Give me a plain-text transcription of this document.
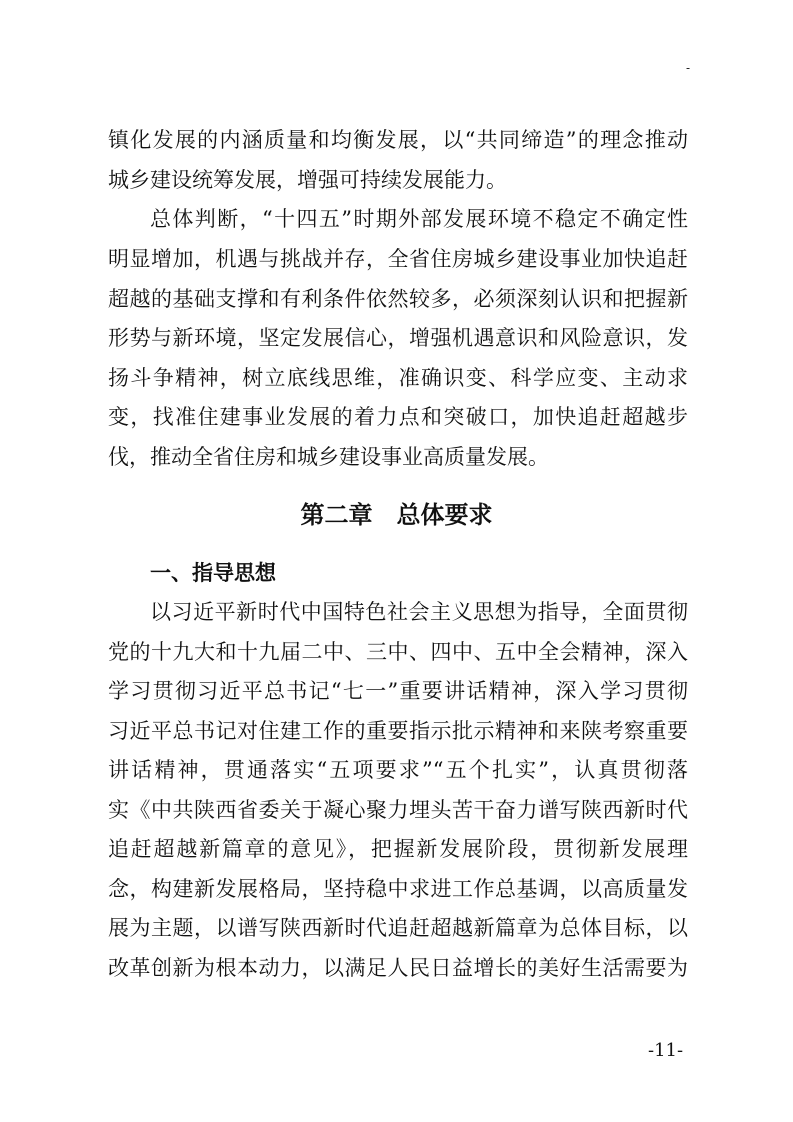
-
镇化发展的内涵质量和均衡发展，以“共同缔造”的理念推动
城乡建设统筹发展，增强可持续发展能力。
总体判断，“十四五”时期外部发展环境不稳定不确定性
明显增加，机遇与挑战并存，全省住房城乡建设事业加快追赶
超越的基础支撑和有利条件依然较多，必须深刻认识和把握新
形势与新环境，坚定发展信心，增强机遇意识和风险意识，发
扬斗争精神，树立底线思维，准确识变、科学应变、主动求
变，找准住建事业发展的着力点和突破口，加快追赶超越步
伐，推动全省住房和城乡建设事业高质量发展。
第二章　总体要求
一、指导思想
以习近平新时代中国特色社会主义思想为指导，全面贯彻
党的十九大和十九届二中、三中、四中、五中全会精神，深入
学习贯彻习近平总书记“七一”重要讲话精神，深入学习贯彻
习近平总书记对住建工作的重要指示批示精神和来陕考察重要
讲话精神，贯通落实“五项要求”“五个扎实”，认真贯彻落
实《中共陕西省委关于凝心聚力埋头苦干奋力谱写陕西新时代
追赶超越新篇章的意见》，把握新发展阶段，贯彻新发展理
念，构建新发展格局，坚持稳中求进工作总基调，以高质量发
展为主题，以谱写陕西新时代追赶超越新篇章为总体目标，以
改革创新为根本动力，以满足人民日益增长的美好生活需要为
-11-
